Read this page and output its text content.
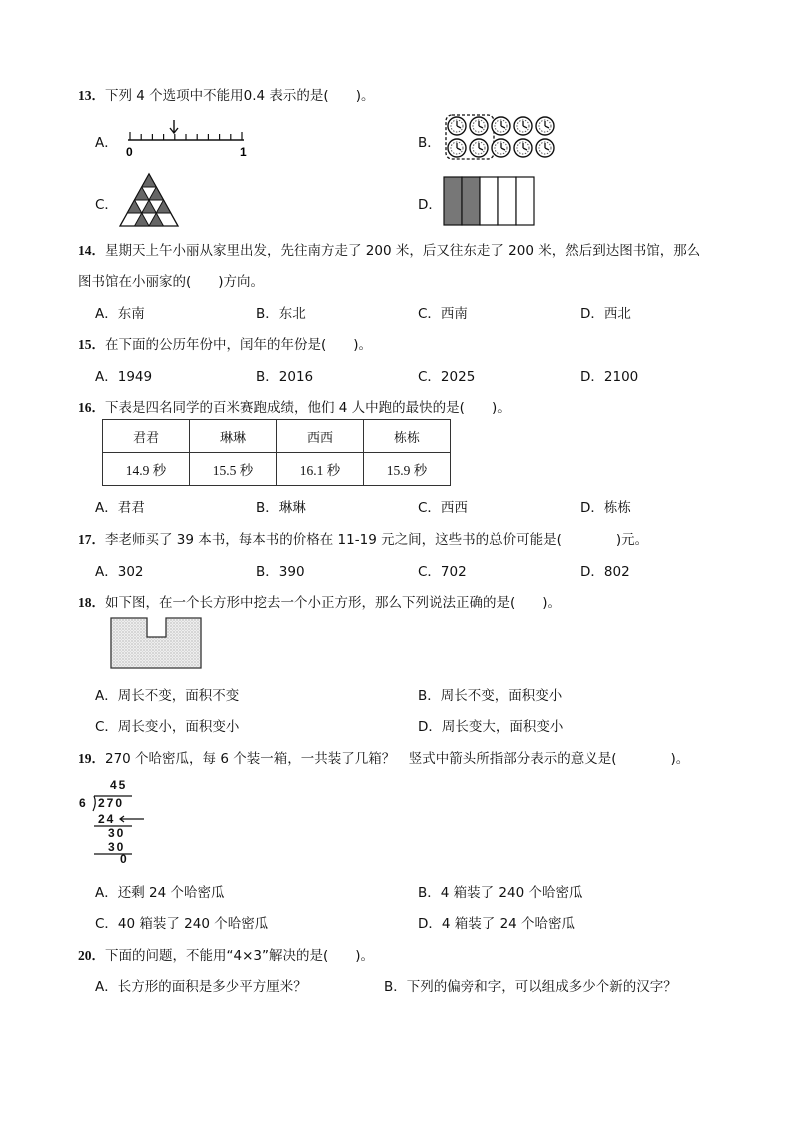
13．下列 4 个选项中不能用0.4 表示的是(　　)。
A．
0	1
B．
C．	D．
14．星期天上午小丽从家里出发，先往南方走了 200 米，后又往东走了 200 米，然后到达图书馆，那么
图书馆在小丽家的(　　)方向。
A．东南	B．东北	C．西南	D．西北
15．在下面的公历年份中，闰年的年份是(　　)。
A．1949	B．2016	C．2025	D．2100
16．下表是四名同学的百米赛跑成绩，他们 4 人中跑的最快的是(　　)。
君君	琳琳	西西	栋栋
14.9 秒	15.5 秒	16.1 秒	15.9 秒
A．君君	B．琳琳	C．西西	D．栋栋
17．李老师买了 39 本书，每本书的价格在 11-19 元之间，这些书的总价可能是(　　　　)元。
A．302	B．390	C．702	D．802
18．如下图，在一个长方形中挖去一个小正方形，那么下列说法正确的是(　　)。
A．周长不变，面积不变	B．周长不变，面积变小
C．周长变小，面积变小	D．周长变大，面积变小
19．270 个哈密瓜，每 6 个装一箱，一共装了几箱？　竖式中箭头所指部分表示的意义是(　　　　)。
45
6 270
24
30
30
0
A．还剩 24 个哈密瓜	B．4 箱装了 240 个哈密瓜
C．40 箱装了 240 个哈密瓜	D．4 箱装了 24 个哈密瓜
20．下面的问题，不能用“4×3”解决的是(　　)。
A．长方形的面积是多少平方厘米？	B．下列的偏旁和字，可以组成多少个新的汉字？
